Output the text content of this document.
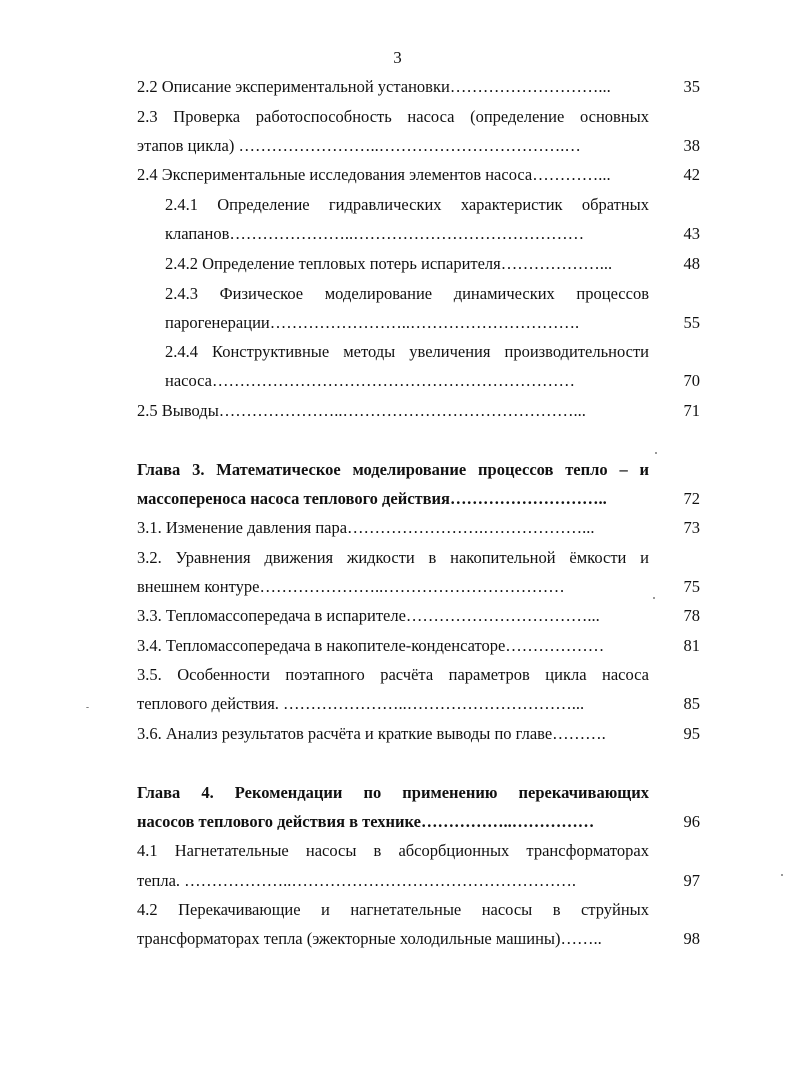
3
2.2 Описание экспериментальной установки………………………...	35
2.3 Проверка работоспособность насоса (определение основных
этапов цикла) ……………………..…………………………….…	38
2.4 Экспериментальные исследования элементов насоса…………...	42
2.4.1 Определение гидравлических характеристик обратных
клапанов…………………..……………………………………	43
2.4.2 Определение тепловых потерь испарителя………………...	48
2.4.3 Физическое моделирование динамических процессов
парогенерации……………………..………………………….	55
2.4.4 Конструктивные методы увеличения производительности
насоса…………………………………………………………	70
2.5 Выводы…………………..……………………………………...	71
Глава 3. Математическое моделирование процессов тепло – и
массопереноса насоса теплового действия………………………..	72
3.1. Изменение давления пара…………………….………………...	73
3.2. Уравнения движения жидкости в накопительной ёмкости и
внешнем контуре…………………..……………………………	75
3.3. Тепломассопередача в испарителе……………………………...	78
3.4. Тепломассопередача в накопителе-конденсаторе………………	81
3.5. Особенности поэтапного расчёта параметров цикла насоса
теплового действия. …………………..…………………………...	85
3.6. Анализ результатов расчёта и краткие выводы по главе……….	95
Глава 4. Рекомендации по применению перекачивающих
насосов теплового действия в технике……………..……………	96
4.1 Нагнетательные насосы в абсорбционных трансформаторах
тепла. ………………..…………………………………………….	97
4.2 Перекачивающие и нагнетательные насосы в струйных
трансформаторах тепла (эжекторные холодильные машины)……..	98
